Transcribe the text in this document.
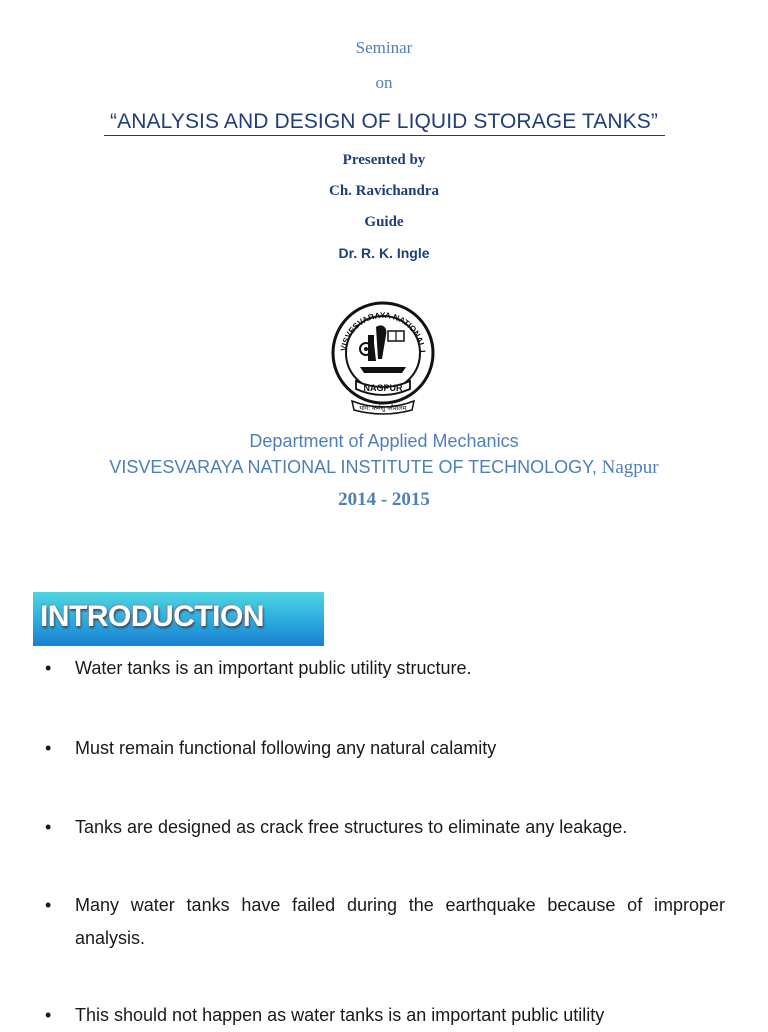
Seminar
on
“ANALYSIS AND DESIGN OF LIQUID STORAGE TANKS”
Presented by
Ch. Ravichandra
Guide
Dr. R. K. Ingle
VISVESVARAYA NATIONAL I
NAGPUR
योगः कर्मसु कौशलम्
Department of Applied Mechanics
VISVESVARAYA NATIONAL INSTITUTE OF TECHNOLOGY, Nagpur
2014 - 2015
INTRODUCTION
• Water tanks is an important public utility structure.
• Must remain functional following any natural calamity
• Tanks are designed as crack free structures to eliminate any leakage.
• Many water tanks have failed during the earthquake because of improper analysis.
• This should not happen as water tanks is an important public utility
